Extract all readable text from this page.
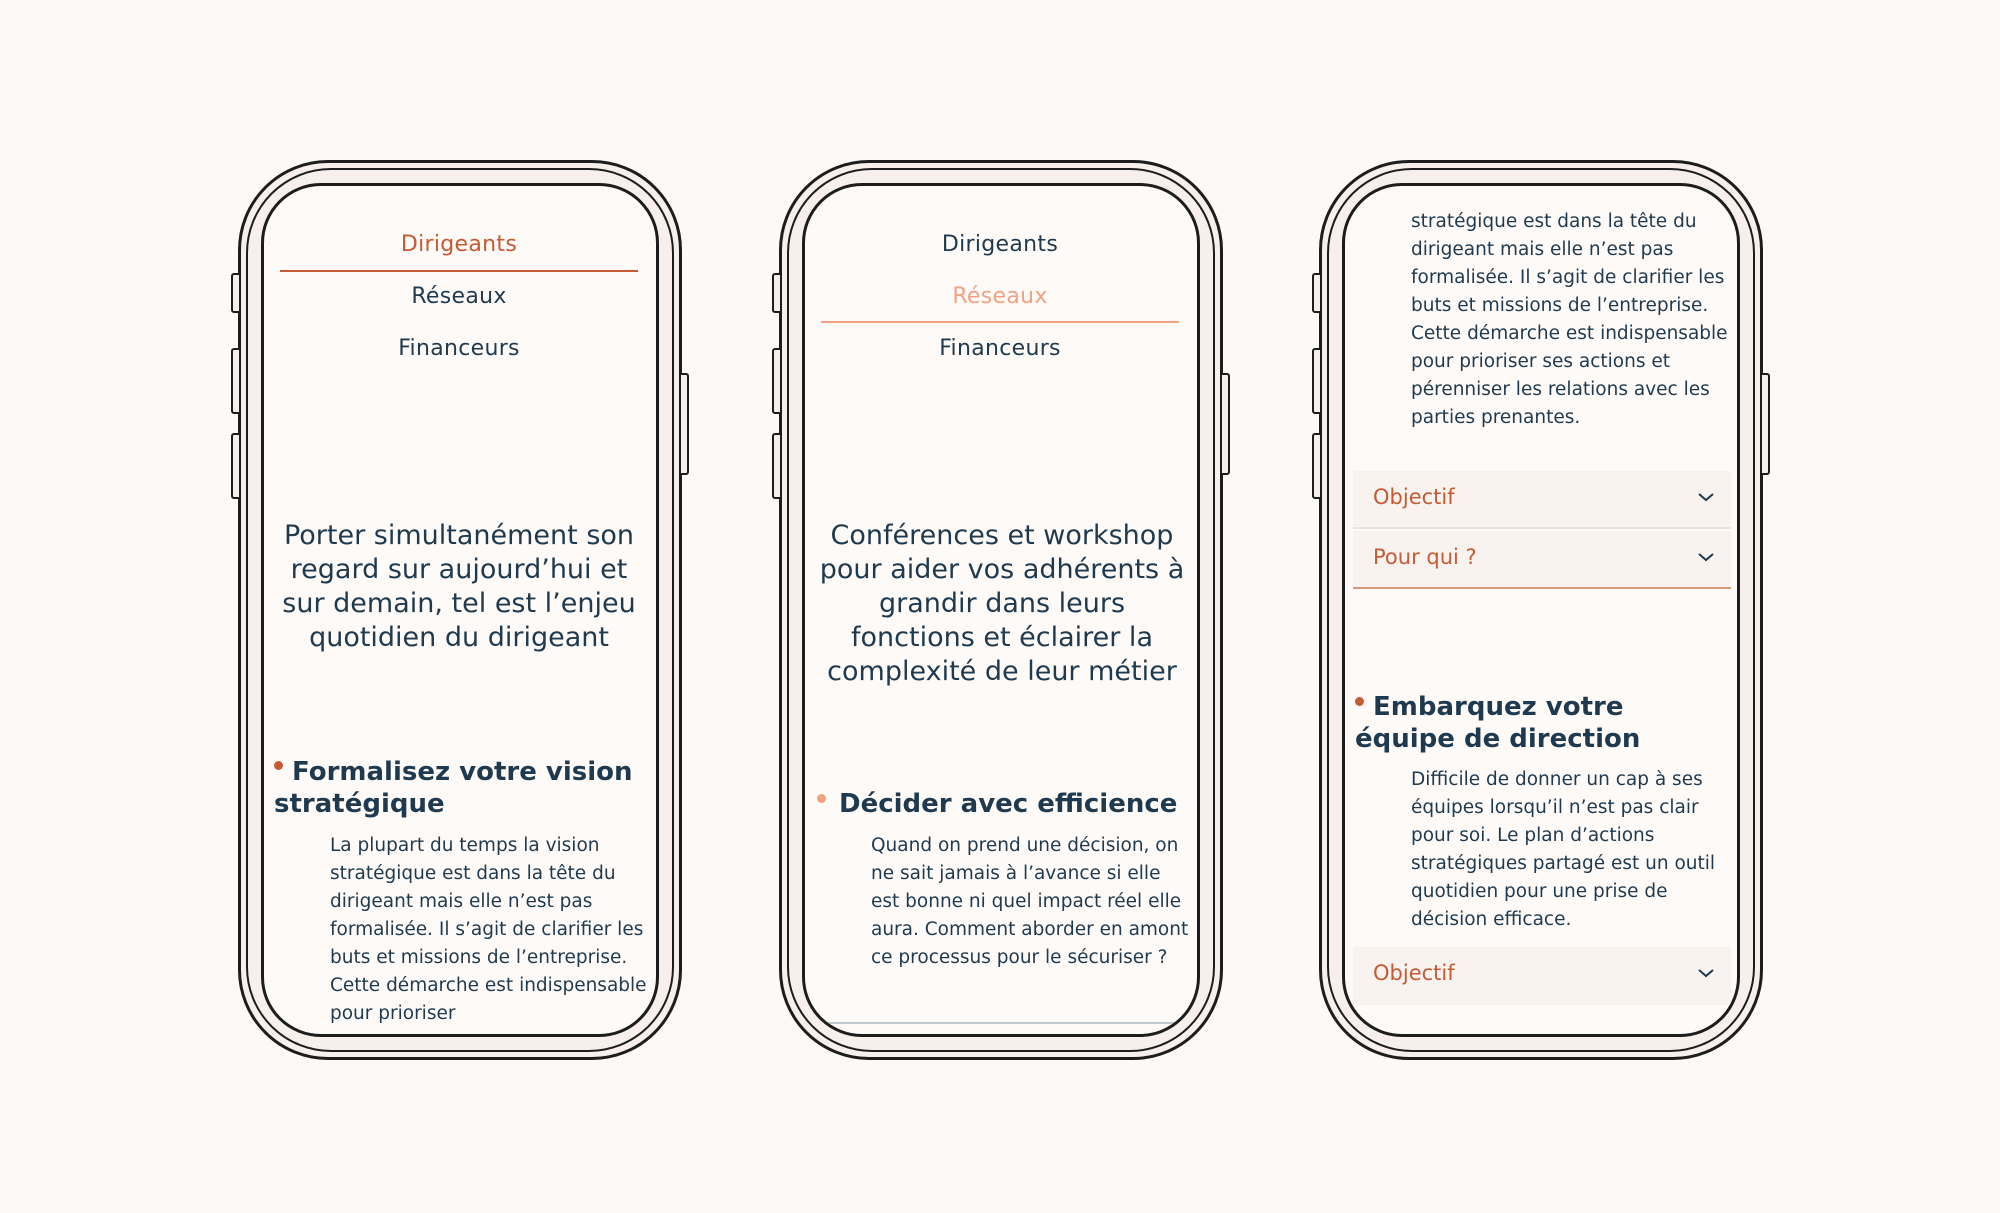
Dirigeants
Réseaux
Financeurs
Porter simultanément son regard sur aujourd’hui et sur demain, tel est l’enjeu quotidien du dirigeant
Formalisez votre vision stratégique
La plupart du temps la vision stratégique est dans la tête du dirigeant mais elle n’est pas formalisée. Il s’agit de clarifier les buts et missions de l’entreprise. Cette démarche est indispensable pour prioriser
Dirigeants
Réseaux
Financeurs
Conférences et workshop pour aider vos adhérents à grandir dans leurs fonctions et éclairer la complexité de leur métier
Décider avec efficience
Quand on prend une décision, on ne sait jamais à l’avance si elle est bonne ni quel impact réel elle aura. Comment aborder en amont ce processus pour le sécuriser ?
stratégique est dans la tête du dirigeant mais elle n’est pas formalisée. Il s’agit de clarifier les buts et missions de l’entreprise. Cette démarche est indispensable pour prioriser ses actions et pérenniser les relations avec les parties prenantes.
Objectif
Pour qui ?
Embarquez votre équipe de direction
Difficile de donner un cap à ses équipes lorsqu’il n’est pas clair pour soi. Le plan d’actions stratégiques partagé est un outil quotidien pour une prise de décision efficace.
Objectif
